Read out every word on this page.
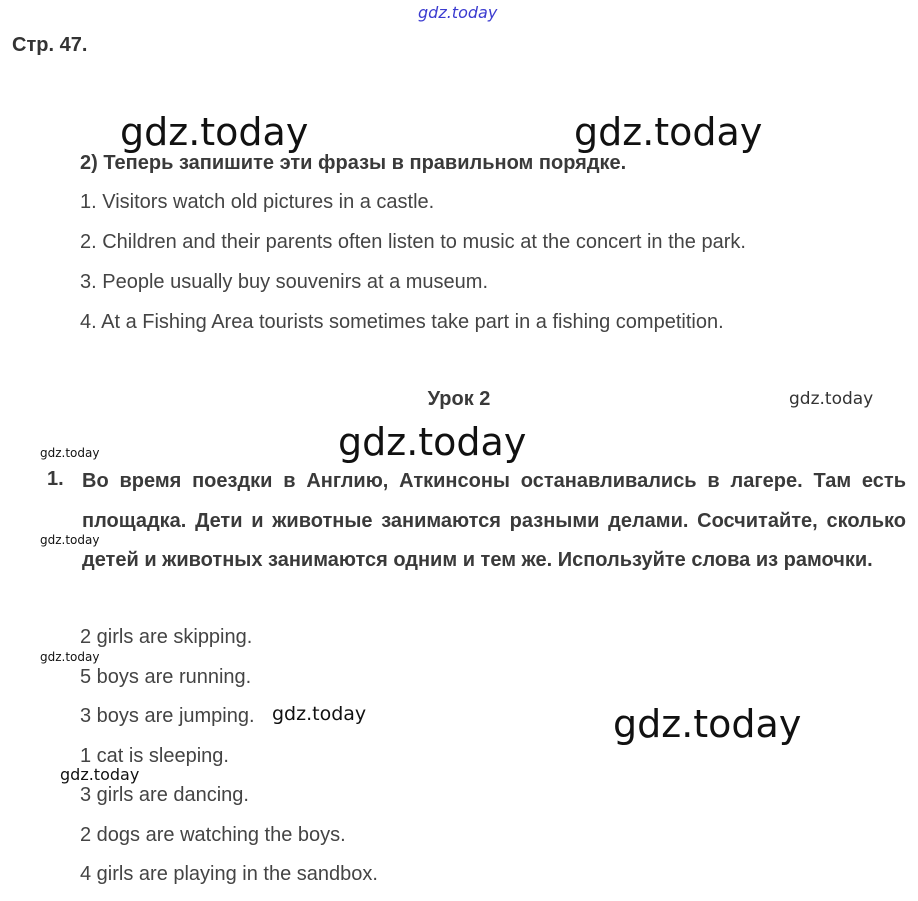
gdz.today
gdz.today	gdz.today
gdz.today
gdz.today
gdz.today
gdz.today
gdz.today
gdz.today	gdz.today
gdz.today
Стр. 47.
2) Теперь запишите эти фразы в правильном порядке.
1. Visitors watch old pictures in a castle.
2. Children and their parents often listen to music at the concert in the park.
3. People usually buy souvenirs at a museum.
4. At a Fishing Area tourists sometimes take part in a fishing competition.
Урок 2
1. Во время поездки в Англию, Аткинсоны останавливались в лагере. Там есть площадка. Дети и животные занимаются разными делами. Сосчитайте, сколько детей и животных занимаются одним и тем же. Используйте слова из рамочки.
2 girls are skipping.
5 boys are running.
3 boys are jumping.
1 cat is sleeping.
3 girls are dancing.
2 dogs are watching the boys.
4 girls are playing in the sandbox.
